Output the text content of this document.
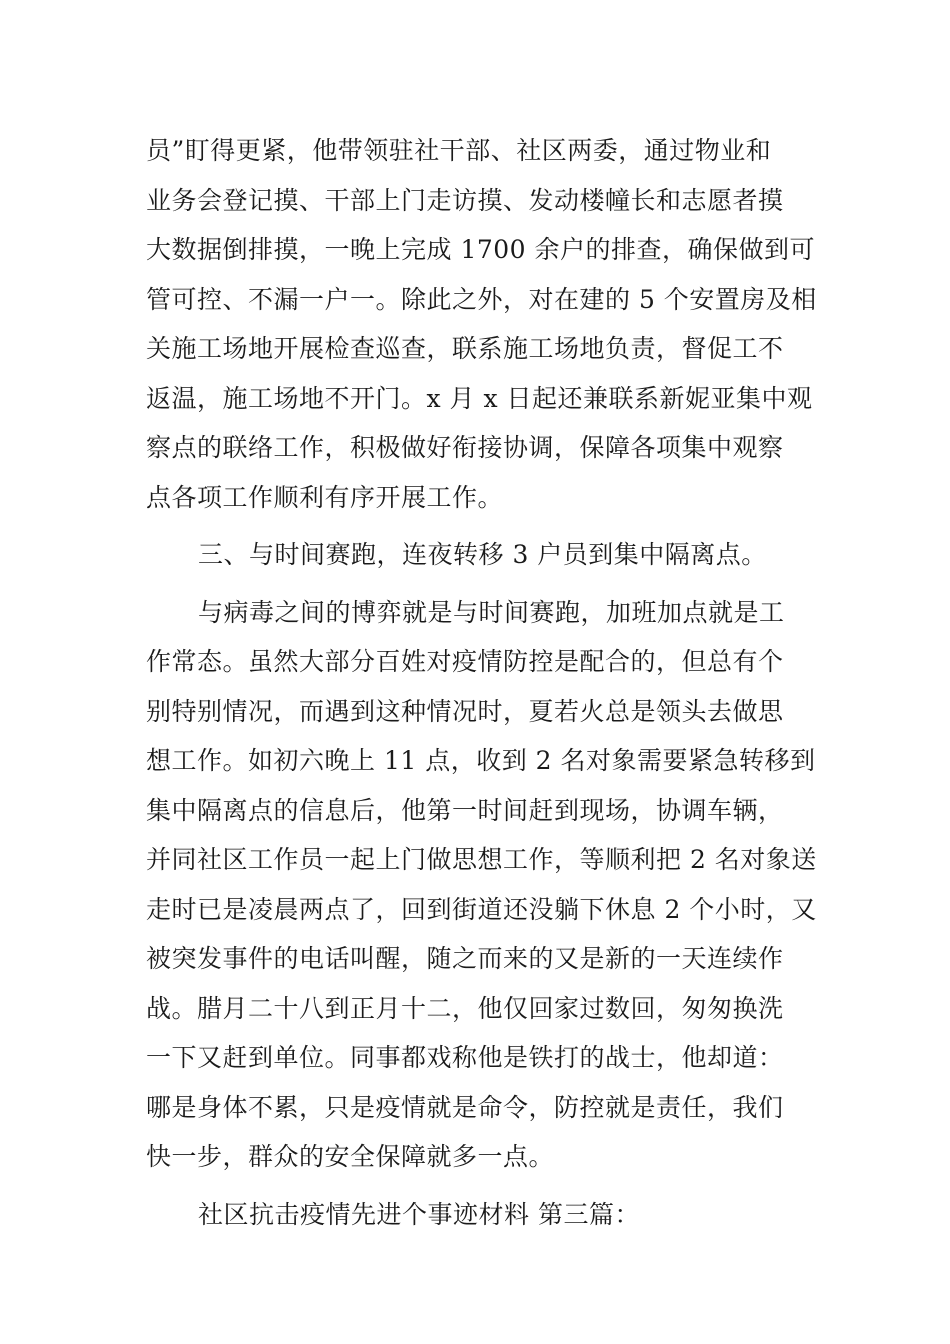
员”盯得更紧，他带领驻社干部、社区两委，通过物业和
业务会登记摸、干部上门走访摸、发动楼幢长和志愿者摸
大数据倒排摸，一晚上完成 1700 余户的排查，确保做到可
管可控、不漏一户一。除此之外，对在建的 5 个安置房及相
关施工场地开展检查巡查，联系施工场地负责，督促工不
返温，施工场地不开门。x 月 x 日起还兼联系新妮亚集中观
察点的联络工作，积极做好衔接协调，保障各项集中观察
点各项工作顺利有序开展工作。
三、与时间赛跑，连夜转移 3 户员到集中隔离点。
与病毒之间的博弈就是与时间赛跑，加班加点就是工
作常态。虽然大部分百姓对疫情防控是配合的，但总有个
别特别情况，而遇到这种情况时，夏若火总是领头去做思
想工作。如初六晚上 11 点，收到 2 名对象需要紧急转移到
集中隔离点的信息后，他第一时间赶到现场，协调车辆，
并同社区工作员一起上门做思想工作，等顺利把 2 名对象送
走时已是凌晨两点了，回到街道还没躺下休息 2 个小时，又
被突发事件的电话叫醒，随之而来的又是新的一天连续作
战。腊月二十八到正月十二，他仅回家过数回，匆匆换洗
一下又赶到单位。同事都戏称他是铁打的战士，他却道：
哪是身体不累，只是疫情就是命令，防控就是责任，我们
快一步，群众的安全保障就多一点。
社区抗击疫情先进个事迹材料 第三篇：
